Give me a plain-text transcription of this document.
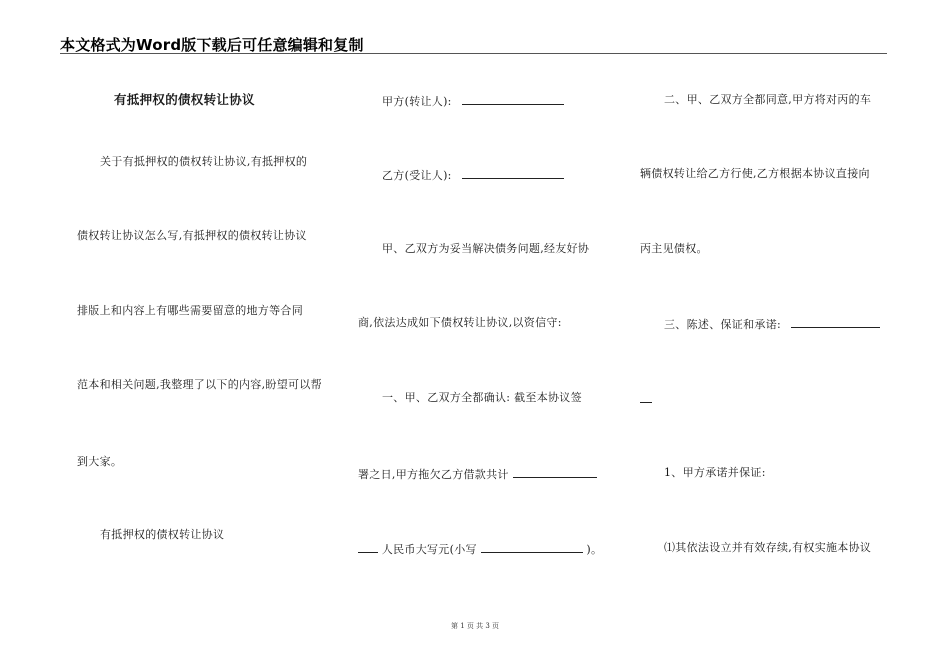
本文格式为Word版下载后可任意编辑和复制
有抵押权的债权转让协议
关于有抵押权的债权转让协议,有抵押权的
债权转让协议怎么写,有抵押权的债权转让协议
排版上和内容上有哪些需要留意的地方等合同
范本和相关问题,我整理了以下的内容,盼望可以帮
到大家。
有抵押权的债权转让协议
甲方(转让人):
乙方(受让人):
甲、乙双方为妥当解决债务问题,经友好协
商,依法达成如下债权转让协议,以资信守:
一、甲、乙双方全都确认: 截至本协议签
署之日,甲方拖欠乙方借款共计
人民币大写元(小写	)。
二、甲、乙双方全都同意,甲方将对丙的车
辆债权转让给乙方行使,乙方根据本协议直接向
丙主见债权。
三、陈述、保证和承诺:
1、甲方承诺并保证:
⑴其依法设立并有效存续,有权实施本协议
第 1 页 共 3 页
